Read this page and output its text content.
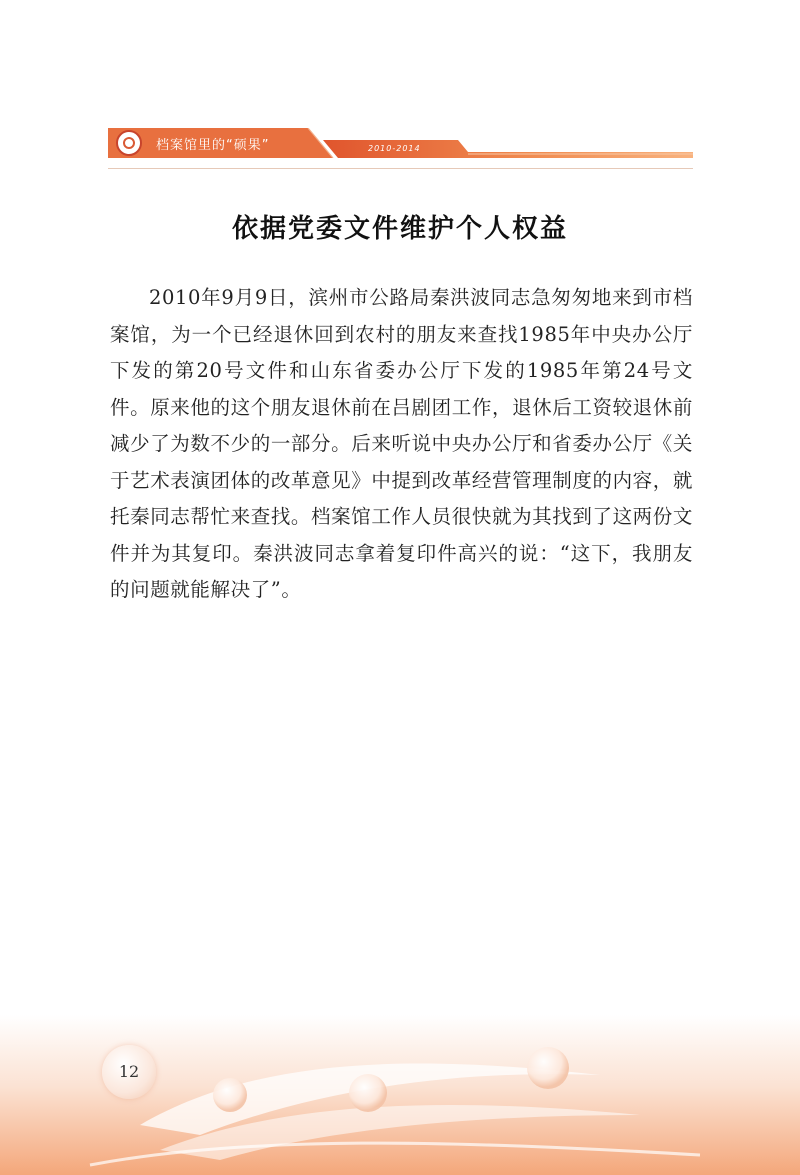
档案馆里的“硕果”	2010-2014
依据党委文件维护个人权益

2010年9月9日，滨州市公路局秦洪波同志急匆匆地来到市档案馆，为一个已经退休回到农村的朋友来查找1985年中央办公厅下发的第20号文件和山东省委办公厅下发的1985年第24号文件。原来他的这个朋友退休前在吕剧团工作，退休后工资较退休前减少了为数不少的一部分。后来听说中央办公厅和省委办公厅《关于艺术表演团体的改革意见》中提到改革经营管理制度的内容，就托秦同志帮忙来查找。档案馆工作人员很快就为其找到了这两份文件并为其复印。秦洪波同志拿着复印件高兴的说：“这下，我朋友的问题就能解决了”。

12
